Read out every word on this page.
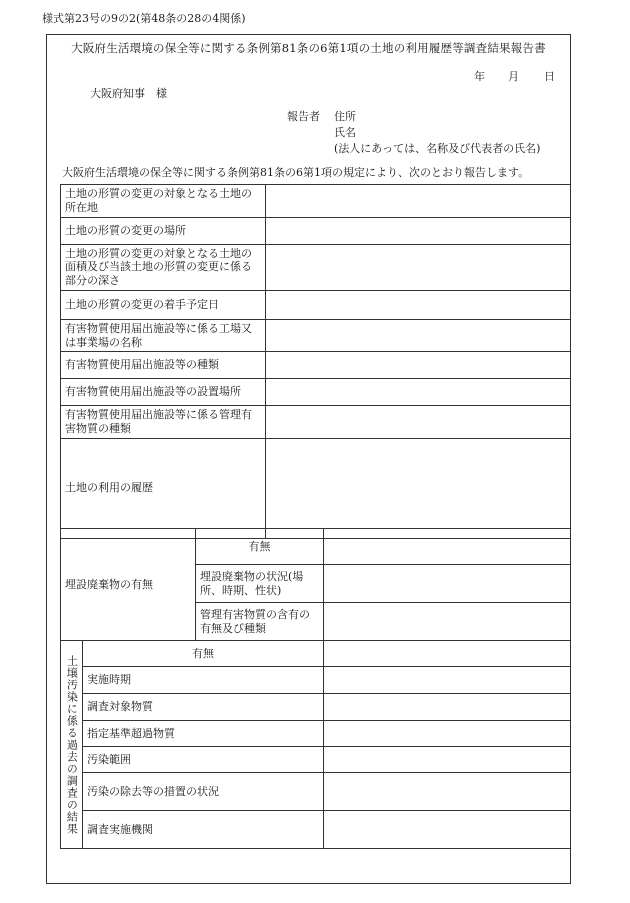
様式第23号の9の2(第48条の28の4関係)
大阪府生活環境の保全等に関する条例第81条の6第1項の土地の利用履歴等調査結果報告書
年 月 日
大阪府知事　様
報告者 住所
氏名
(法人にあっては、名称及び代表者の氏名)
大阪府生活環境の保全等に関する条例第81条の6第1項の規定により、次のとおり報告します。
土地の形質の変更の対象となる土地の所在地	
土地の形質の変更の場所	
土地の形質の変更の対象となる土地の面積及び当該土地の形質の変更に係る部分の深さ	
土地の形質の変更の着手予定日	
有害物質使用届出施設等に係る工場又は事業場の名称	
有害物質使用届出施設等の種類	
有害物質使用届出施設等の設置場所	
有害物質使用届出施設等に係る管理有害物質の種類	
土地の利用の履歴	
埋設廃棄物の有無	有無	
	埋設廃棄物の状況(場所、時期、性状)	
	管理有害物質の含有の有無及び種類	
土壌汚染に係る過去の調査の結果	有無	
	実施時期	
	調査対象物質	
	指定基準超過物質	
	汚染範囲	
	汚染の除去等の措置の状況	
	調査実施機関	
